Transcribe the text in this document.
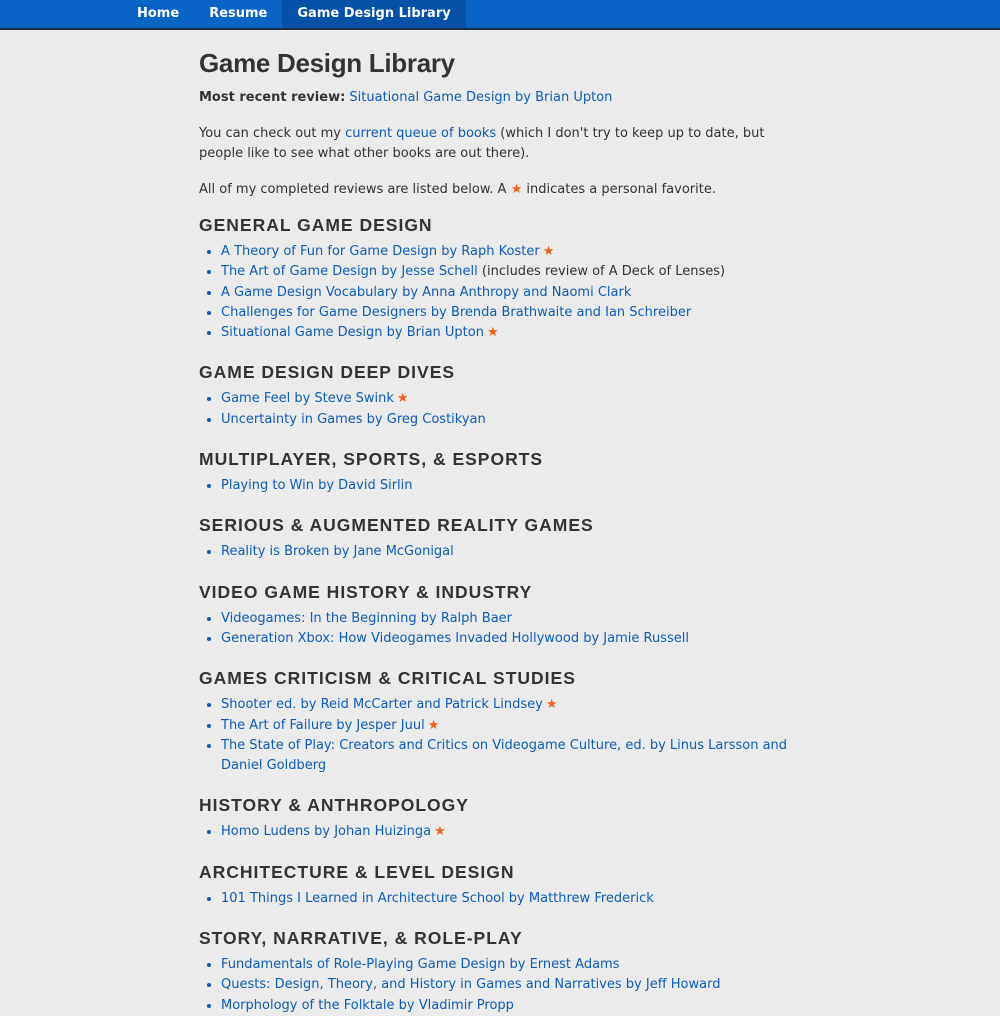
Home	Resume	Game Design Library
Game Design Library

Most recent review: Situational Game Design by Brian Upton

You can check out my current queue of books (which I don't try to keep up to date, but people like to see what other books are out there).

All of my completed reviews are listed below. A ★ indicates a personal favorite.

GENERAL GAME DESIGN
• A Theory of Fun for Game Design by Raph Koster ★
• The Art of Game Design by Jesse Schell (includes review of A Deck of Lenses)
• A Game Design Vocabulary by Anna Anthropy and Naomi Clark
• Challenges for Game Designers by Brenda Brathwaite and Ian Schreiber
• Situational Game Design by Brian Upton ★
GAME DESIGN DEEP DIVES
• Game Feel by Steve Swink ★
• Uncertainty in Games by Greg Costikyan
MULTIPLAYER, SPORTS, & ESPORTS
• Playing to Win by David Sirlin
SERIOUS & AUGMENTED REALITY GAMES
• Reality is Broken by Jane McGonigal
VIDEO GAME HISTORY & INDUSTRY
• Videogames: In the Beginning by Ralph Baer
• Generation Xbox: How Videogames Invaded Hollywood by Jamie Russell
GAMES CRITICISM & CRITICAL STUDIES
• Shooter ed. by Reid McCarter and Patrick Lindsey ★
• The Art of Failure by Jesper Juul ★
• The State of Play: Creators and Critics on Videogame Culture, ed. by Linus Larsson and Daniel Goldberg
HISTORY & ANTHROPOLOGY
• Homo Ludens by Johan Huizinga ★
ARCHITECTURE & LEVEL DESIGN
• 101 Things I Learned in Architecture School by Matthrew Frederick
STORY, NARRATIVE, & ROLE-PLAY
• Fundamentals of Role-Playing Game Design by Ernest Adams
• Quests: Design, Theory, and History in Games and Narratives by Jeff Howard
• Morphology of the Folktale by Vladimir Propp
